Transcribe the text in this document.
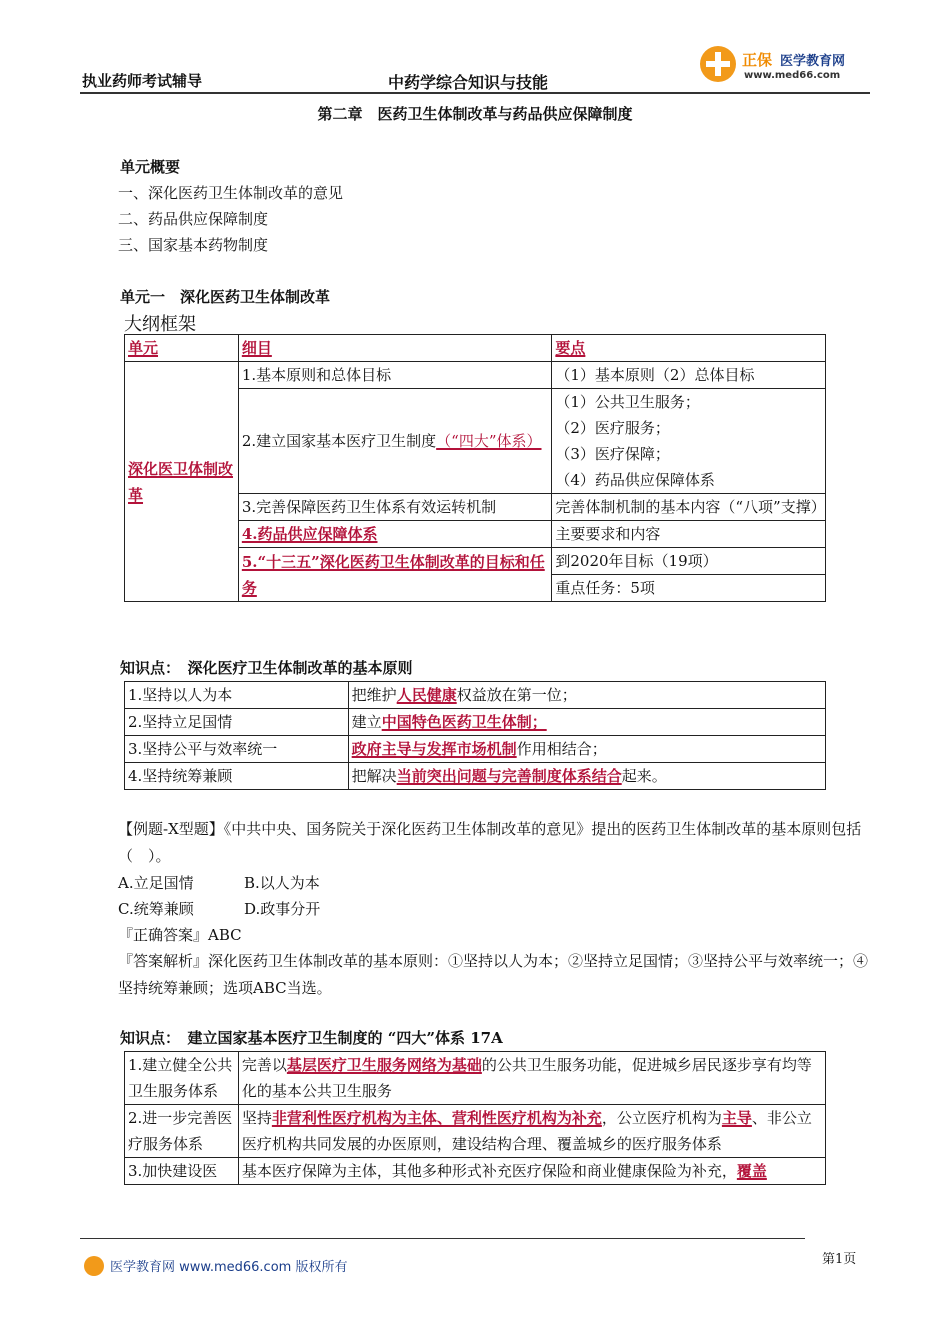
执业药师考试辅导	中药学综合知识与技能
正保 医学教育网
www.med66.com
第二章　医药卫生体制改革与药品供应保障制度
单元概要
一、深化医药卫生体制改革的意见
二、药品供应保障制度
三、国家基本药物制度
单元一　深化医药卫生体制改革
大纲框架
单元	细目	要点
深化医卫体制改革	1.基本原则和总体目标	（1）基本原则（2）总体目标
	2.建立国家基本医疗卫生制度（“四大”体系）	（1）公共卫生服务；
（2）医疗服务；
（3）医疗保障；
（4）药品供应保障体系

	3.完善保障医药卫生体系有效运转机制	完善体制机制的基本内容（“八项”支撑）
	4.药品供应保障体系	主要要求和内容
	5.“十三五”深化医药卫生体制改革的目标和任务	到2020年目标（19项）
		重点任务：5项
知识点：　深化医疗卫生体制改革的基本原则
1.坚持以人为本	把维护人民健康权益放在第一位；
2.坚持立足国情	建立中国特色医药卫生体制；
3.坚持公平与效率统一	政府主导与发挥市场机制作用相结合；
4.坚持统筹兼顾	把解决当前突出问题与完善制度体系结合起来。
【例题-X型题】《中共中央、国务院关于深化医药卫生体制改革的意见》提出的医药卫生体制改革的基本原则包括（　）。
A.立足国情	B.以人为本
C.统筹兼顾	D.政事分开
『正确答案』ABC
『答案解析』深化医药卫生体制改革的基本原则：①坚持以人为本；②坚持立足国情；③坚持公平与效率统一；④坚持统筹兼顾；选项ABC当选。
知识点：　建立国家基本医疗卫生制度的 “四大”体系 17A
1.建立健全公共卫生服务体系	完善以基层医疗卫生服务网络为基础的公共卫生服务功能，促进城乡居民逐步享有均等化的基本公共卫生服务
2.进一步完善医疗服务体系	坚持非营利性医疗机构为主体、营利性医疗机构为补充，公立医疗机构为主导、非公立医疗机构共同发展的办医原则，建设结构合理、覆盖城乡的医疗服务体系
3.加快建设医	基本医疗保障为主体，其他多种形式补充医疗保险和商业健康保险为补充，覆盖
医学教育网 www.med66.com 版权所有
第1页
